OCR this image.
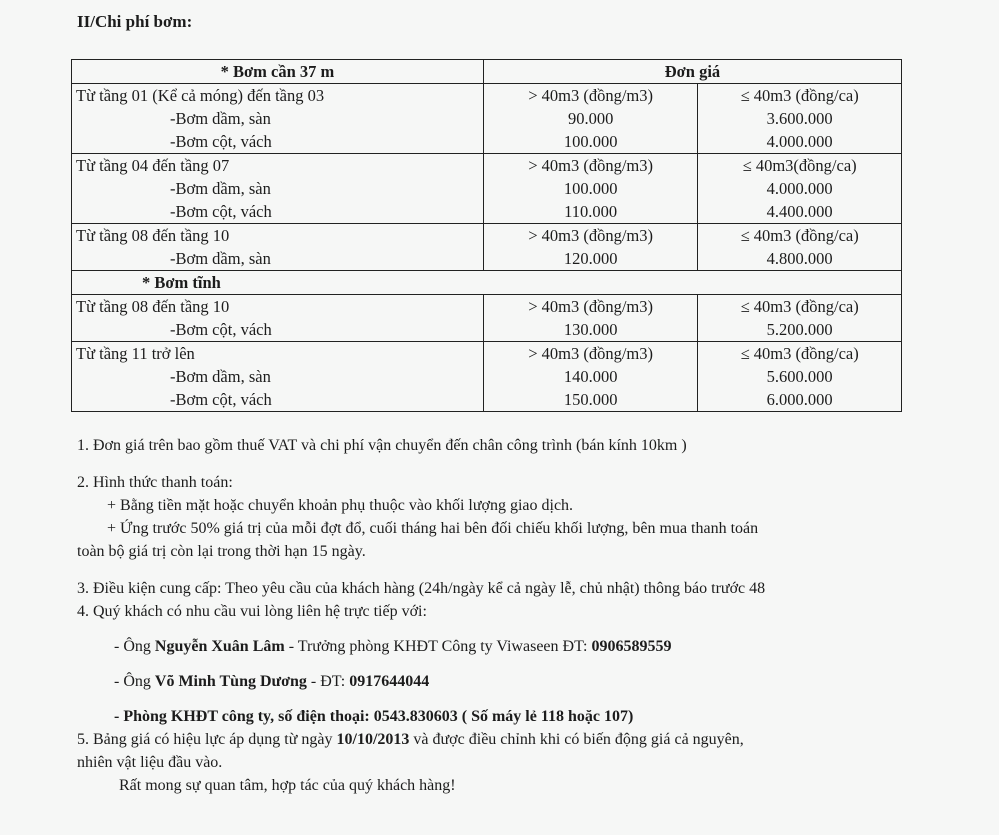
II/Chi phí bơm:
* Bơm cần 37 m	Đơn giá	
Từ tầng 01 (Kể cả móng) đến tầng 03	> 40m3 (đồng/m3)	≤ 40m3 (đồng/ca)
-Bơm dầm, sàn	90.000	3.600.000
-Bơm cột, vách	100.000	4.000.000
Từ tầng 04 đến tầng 07	> 40m3 (đồng/m3)	≤ 40m3(đồng/ca)
-Bơm dầm, sàn	100.000	4.000.000
-Bơm cột, vách	110.000	4.400.000
Từ tầng 08 đến tầng 10	> 40m3 (đồng/m3)	≤ 40m3 (đồng/ca)
-Bơm dầm, sàn	120.000	4.800.000
* Bơm tĩnh		
Từ tầng 08 đến tầng 10	> 40m3 (đồng/m3)	≤ 40m3 (đồng/ca)
-Bơm cột, vách	130.000	5.200.000
Từ tầng 11 trở lên	> 40m3 (đồng/m3)	≤ 40m3 (đồng/ca)
-Bơm dầm, sàn	140.000	5.600.000
-Bơm cột, vách	150.000	6.000.000

1. Đơn giá trên bao gồm thuế VAT và chi phí vận chuyển đến chân công trình (bán kính 10km )

2. Hình thức thanh toán:

+ Bằng tiền mặt hoặc chuyển khoản phụ thuộc vào khối lượng giao dịch.

+ Ứng trước 50% giá trị của mỗi đợt đổ, cuối tháng hai bên đối chiếu khối lượng, bên mua thanh toán

toàn bộ giá trị còn lại trong thời hạn 15 ngày.

3. Điều kiện cung cấp: Theo yêu cầu của khách hàng (24h/ngày kể cả ngày lễ, chủ nhật) thông báo trước 48

4. Quý khách có nhu cầu vui lòng liên hệ trực tiếp với:

- Ông Nguyễn Xuân Lâm - Trưởng phòng KHĐT Công ty Viwaseen ĐT: 0906589559

- Ông Võ Minh Tùng Dương - ĐT: 0917644044

- Phòng KHĐT công ty, số điện thoại: 0543.830603 ( Số máy lẻ 118 hoặc 107)

5. Bảng giá có hiệu lực áp dụng từ ngày 10/10/2013 và được điều chỉnh khi có biến động giá cả nguyên,

nhiên vật liệu đầu vào.

Rất mong sự quan tâm, hợp tác của quý khách hàng!
